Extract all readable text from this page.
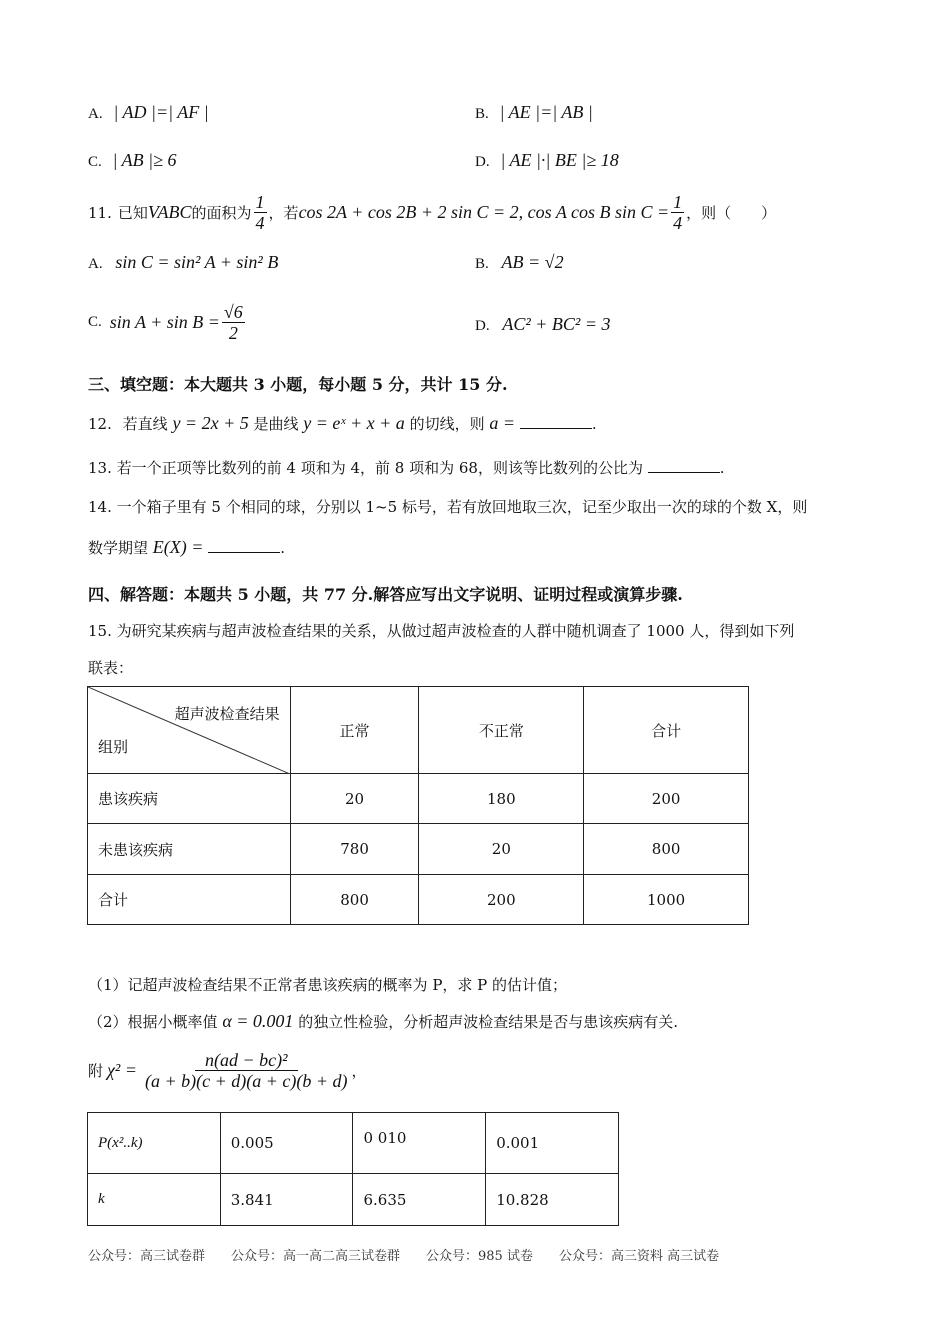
A. | AD |=| AF |	B. | AE |=| AB |
C. | AB |≥ 6	D. | AE |·| BE |≥ 18
11. 已知 VABC 的面积为 $\frac{1}{4}$ ，若 cos 2A + cos 2B + 2 sin C = 2, cos A cos B $\sin C = \frac{1}{4}$ ，则（　　）
A. sin C = sin² A + sin² B	B. AB = √2
C. $\sin A + \sin B = \frac{√6}{2}$	D. AC² + BC² = 3
三、填空题：本大题共 3 小题，每小题 5 分，共计 15 分.
12. 若直线 y = 2x + 5 是曲线 y = eˣ + x + a 的切线，则 a =	.
13. 若一个正项等比数列的前 4 项和为 4，前 8 项和为 68，则该等比数列的公比为	.
14. 一个箱子里有 5 个相同的球，分别以 1~5 标号，若有放回地取三次，记至少取出一次的球的个数 X，则
数学期望 E(X) =	.
四、解答题：本题共 5 小题，共 77 分.解答应写出文字说明、证明过程或演算步骤.
15. 为研究某疾病与超声波检查结果的关系，从做过超声波检查的人群中随机调查了 1000 人，得到如下列
联表：
超声波检查结果
组别	正常	不正常	合计
患该疾病	20	180	200
未患该疾病	780	20	800
合计	800	200	1000
（1）记超声波检查结果不正常者患该疾病的概率为 P，求 P 的估计值；
（2）根据小概率值 α = 0.001 的独立性检验，分析超声波检查结果是否与患该疾病有关.
附 $\chi^2 = \frac{\text{n(ad − bc)²}}{(a + b)(c + d)(a + c)(b + d)}$ ，
P(x²..k)	0.005	0 010	0.001
k	3.841	6.635	10.828
公众号：高三试卷群　　公众号：高一高二高三试卷群　　公众号：985 试卷　　公众号：高三资料 高三试卷
